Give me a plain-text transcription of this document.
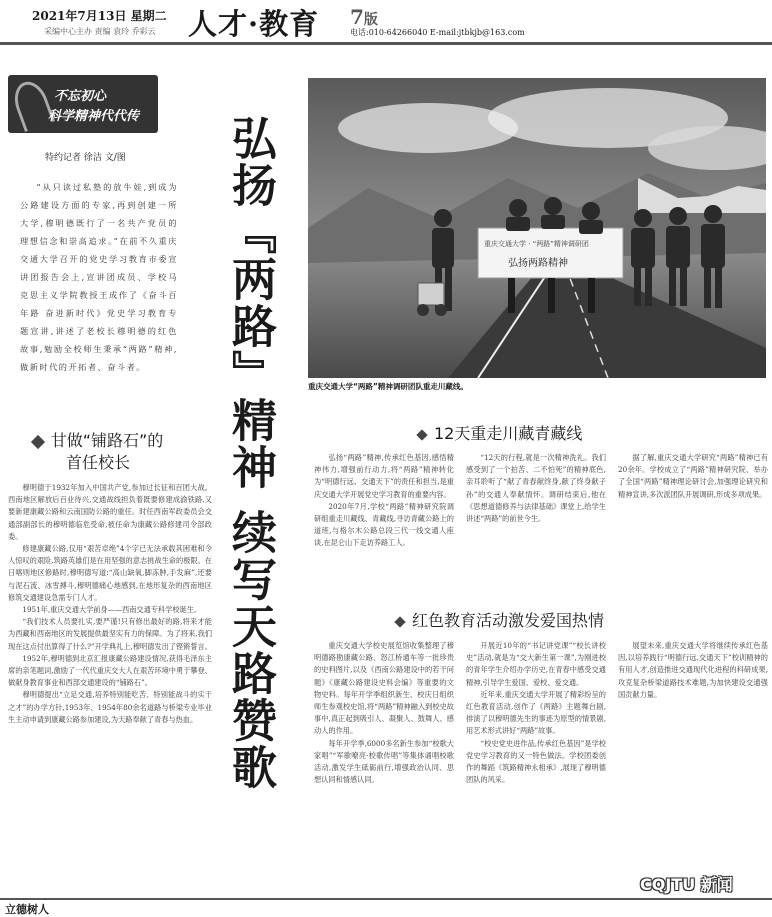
2021年7月13日 星期二
采编中心主办 责编 袁玲 乔彩云 人才·教育 7版
电话:010-64266040 E-mail:jtbkjb@163.com
不忘初心
科学精神代代传
特约记者 徐洁 文/图
“从只读过私塾的放牛娃,到成为公路建设方面的专家,再到创建一所大学,穆明德既行了一名共产党员的理想信念和崇高追求。”在前不久重庆交通大学召开的党史学习教育市委宣讲团报告会上,宣讲团成员、学校马克思主义学院教授王成作了《奋斗百年路 奋进新时代》党史学习教育专题宣讲,讲述了老校长穆明德的红色故事,勉励全校师生秉承“两路”精神,做新时代的开拓者、奋斗者。	弘扬『两路』精神 续写天路赞歌	重庆交通大学 · “两路”精神调研团
弘扬两路精神
重庆交通大学“两路”精神调研团队重走川藏线。
甘做“铺路石”的
首任校长

穆明德于1932年加入中国共产党,参加过长征和百团大战。西南地区解放后百业待兴,交通战线担负着既要修建成渝铁路,又要新建康藏公路和云南国防公路的重任。时任西南军政委员会交通部副部长的穆明德临危受命,被任命为康藏公路修建司令部政委。

修建康藏公路,仅用“艰苦卓绝”4个字已无法承载其困难和令人惊叹的艰险,筑路英雄们是在用坚强的意志挑战生命的极限。在日喀则地区修路时,穆明德写道:“高山缺氧,脚冻肿,手发麻”,还要与泥石流、冰雪搏斗,穆明德痛心地感到,在地形复杂的西南地区修筑交通建设急需专门人才。

1951年,重庆交通大学前身——西南交通专科学校诞生。

“我们技术人员要扎实,要严谨!只有修出最好的路,将来才能为西藏和西南地区的发展提供最坚实有力的保障。为了将来,我们现在这点付出算得了什么?”开学典礼上,穆明德发出了铿锵誓言。

1952年,穆明德到北京汇报康藏公路建设情况,获得毛泽东主席的亲笔题词,激励了一代代重庆交大人在艰苦环境中勇于攀登、做献身教育事业和西部交通建设的“铺路石”。

穆明德提出“立足交通,培养特别能吃苦、特别能战斗的实干之才”的办学方针,1953年、1954年80余名道路与桥梁专业毕业生主动申请到康藏公路参加建设,为天路奉献了青春与热血。

12天重走川藏青藏线

弘扬“两路”精神,传承红色基因,感悟精神伟力,增强前行动力,将“两路”精神转化为“明德行远、交通天下”的责任和担当,是重庆交通大学开展党史学习教育的重要内容。

2020年7月,学校“两路”精神研究院调研组重走川藏线、青藏线,寻访青藏公路上的道班,与格尔木公路总段三代一线交通人座谈,在昆仑山下走访养路工人。

“12天的行程,就是一次精神洗礼。我们感受到了一个拍苦、二不怕死”的精神底色,亲耳聆听了“献了青春献终身,献了终身献子孙”的交通人奉献情怀。调研结束后,他在《思想道德修养与法律基础》课堂上,给学生讲述“两路”的前世今生。

据了解,重庆交通大学研究“两路”精神已有20余年。学校成立了“两路”精神研究院、举办了全国“两路”精神理论研讨会,加强理论研究和精神宣讲,多次派团队开展调研,形成多项成果。

红色教育活动激发爱国热情

重庆交通大学校史展览馆收集整理了穆明德路勘康藏公路、怒江桥通车等一批珍贵的史料图片,以及《西南公路建设中的若干问题》《康藏公路建设史料会编》等重要的文物史料。每年开学季组织新生、校庆日组织师生参观校史馆,将“两路”精神融入到校史故事中,真正起到吸引人、凝聚人、鼓舞人、感动人的作用。

每年开学季,6000多名新生参加“校歌大家唱”“军歌嘹亮·校歌传唱”等集体诵唱校歌活动,激发学生砥砺前行,增强政治认同、思想认同和情感认同。

开展近10年的“书记讲党课”“校长讲校史”活动,就是为“交大新生第一课”,为刚进校的青年学生介绍办学历史,在青春中感受交通精神,引导学生爱国、爱校、爱交通。

近年来,重庆交通大学开展了精彩纷呈的红色教育活动,创作了《两路》主题舞台剧,排演了以穆明德先生的事迹为原型的情景剧,用艺术形式讲好“两路”故事。

“校史党史进作品,传承红色基因”是学校党史学习教育的又一特色做法。学校团委创作的舞蹈《筑路精神永相承》,展现了穆明德团队的风采。

展望未来,重庆交通大学将继续传承红色基因,以培养践行“明德行远,交通天下”校训精神的有用人才,创造推进交通现代化进程的科研成果,攻克复杂桥梁道路技术难题,为加快建设交通强国贡献力量。

CQJTU 新闻
立德树人
